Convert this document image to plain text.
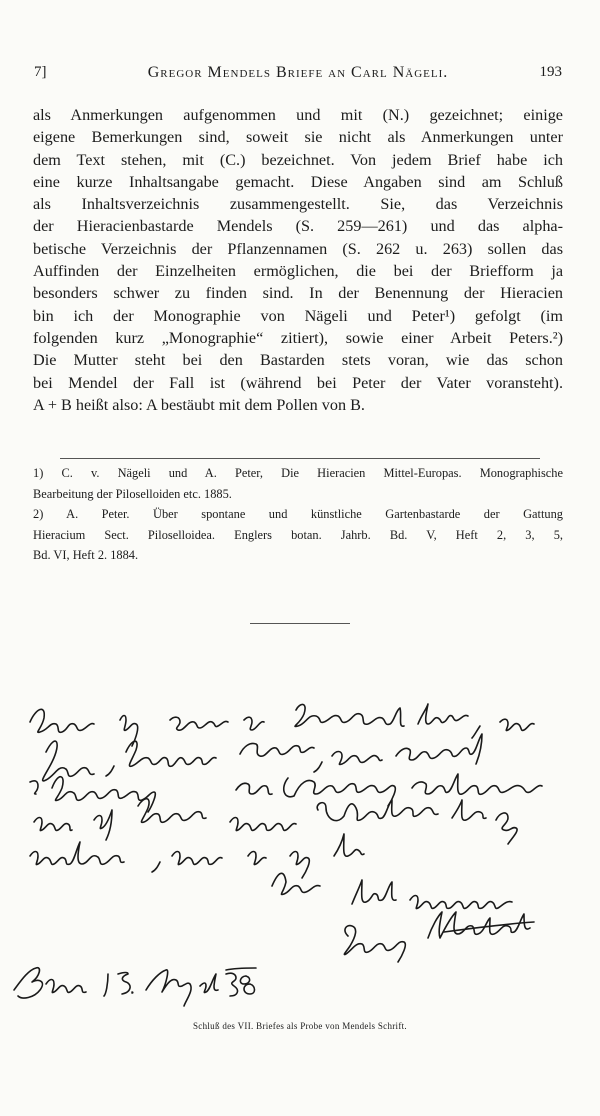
7]	Gregor Mendels Briefe an Carl Nägeli.	193
als Anmerkungen aufgenommen und mit (N.) gezeichnet; einige
eigene Bemerkungen sind, soweit sie nicht als Anmerkungen unter
dem Text stehen, mit (C.) bezeichnet. Von jedem Brief habe ich
eine kurze Inhaltsangabe gemacht. Diese Angaben sind am Schluß
als Inhaltsverzeichnis zusammengestellt. Sie, das Verzeichnis
der Hieracienbastarde Mendels (S. 259—261) und das alpha-
betische Verzeichnis der Pflanzennamen (S. 262 u. 263) sollen das
Auffinden der Einzelheiten ermöglichen, die bei der Briefform ja
besonders schwer zu finden sind. In der Benennung der Hieracien
bin ich der Monographie von Nägeli und Peter¹) gefolgt (im
folgenden kurz „Monographie“ zitiert), sowie einer Arbeit Peters.²)
Die Mutter steht bei den Bastarden stets voran, wie das schon
bei Mendel der Fall ist (während bei Peter der Vater voransteht).
A + B heißt also: A bestäubt mit dem Pollen von B.
1) C. v. Nägeli und A. Peter, Die Hieracien Mittel-Europas. Monographische
Bearbeitung der Piloselloiden etc. 1885.
2) A. Peter. Über spontane und künstliche Gartenbastarde der Gattung
Hieracium Sect. Piloselloidea. Englers botan. Jahrb. Bd. V, Heft 2, 3, 5,
Bd. VI, Heft 2. 1884.
Schluß des VII. Briefes als Probe von Mendels Schrift.
